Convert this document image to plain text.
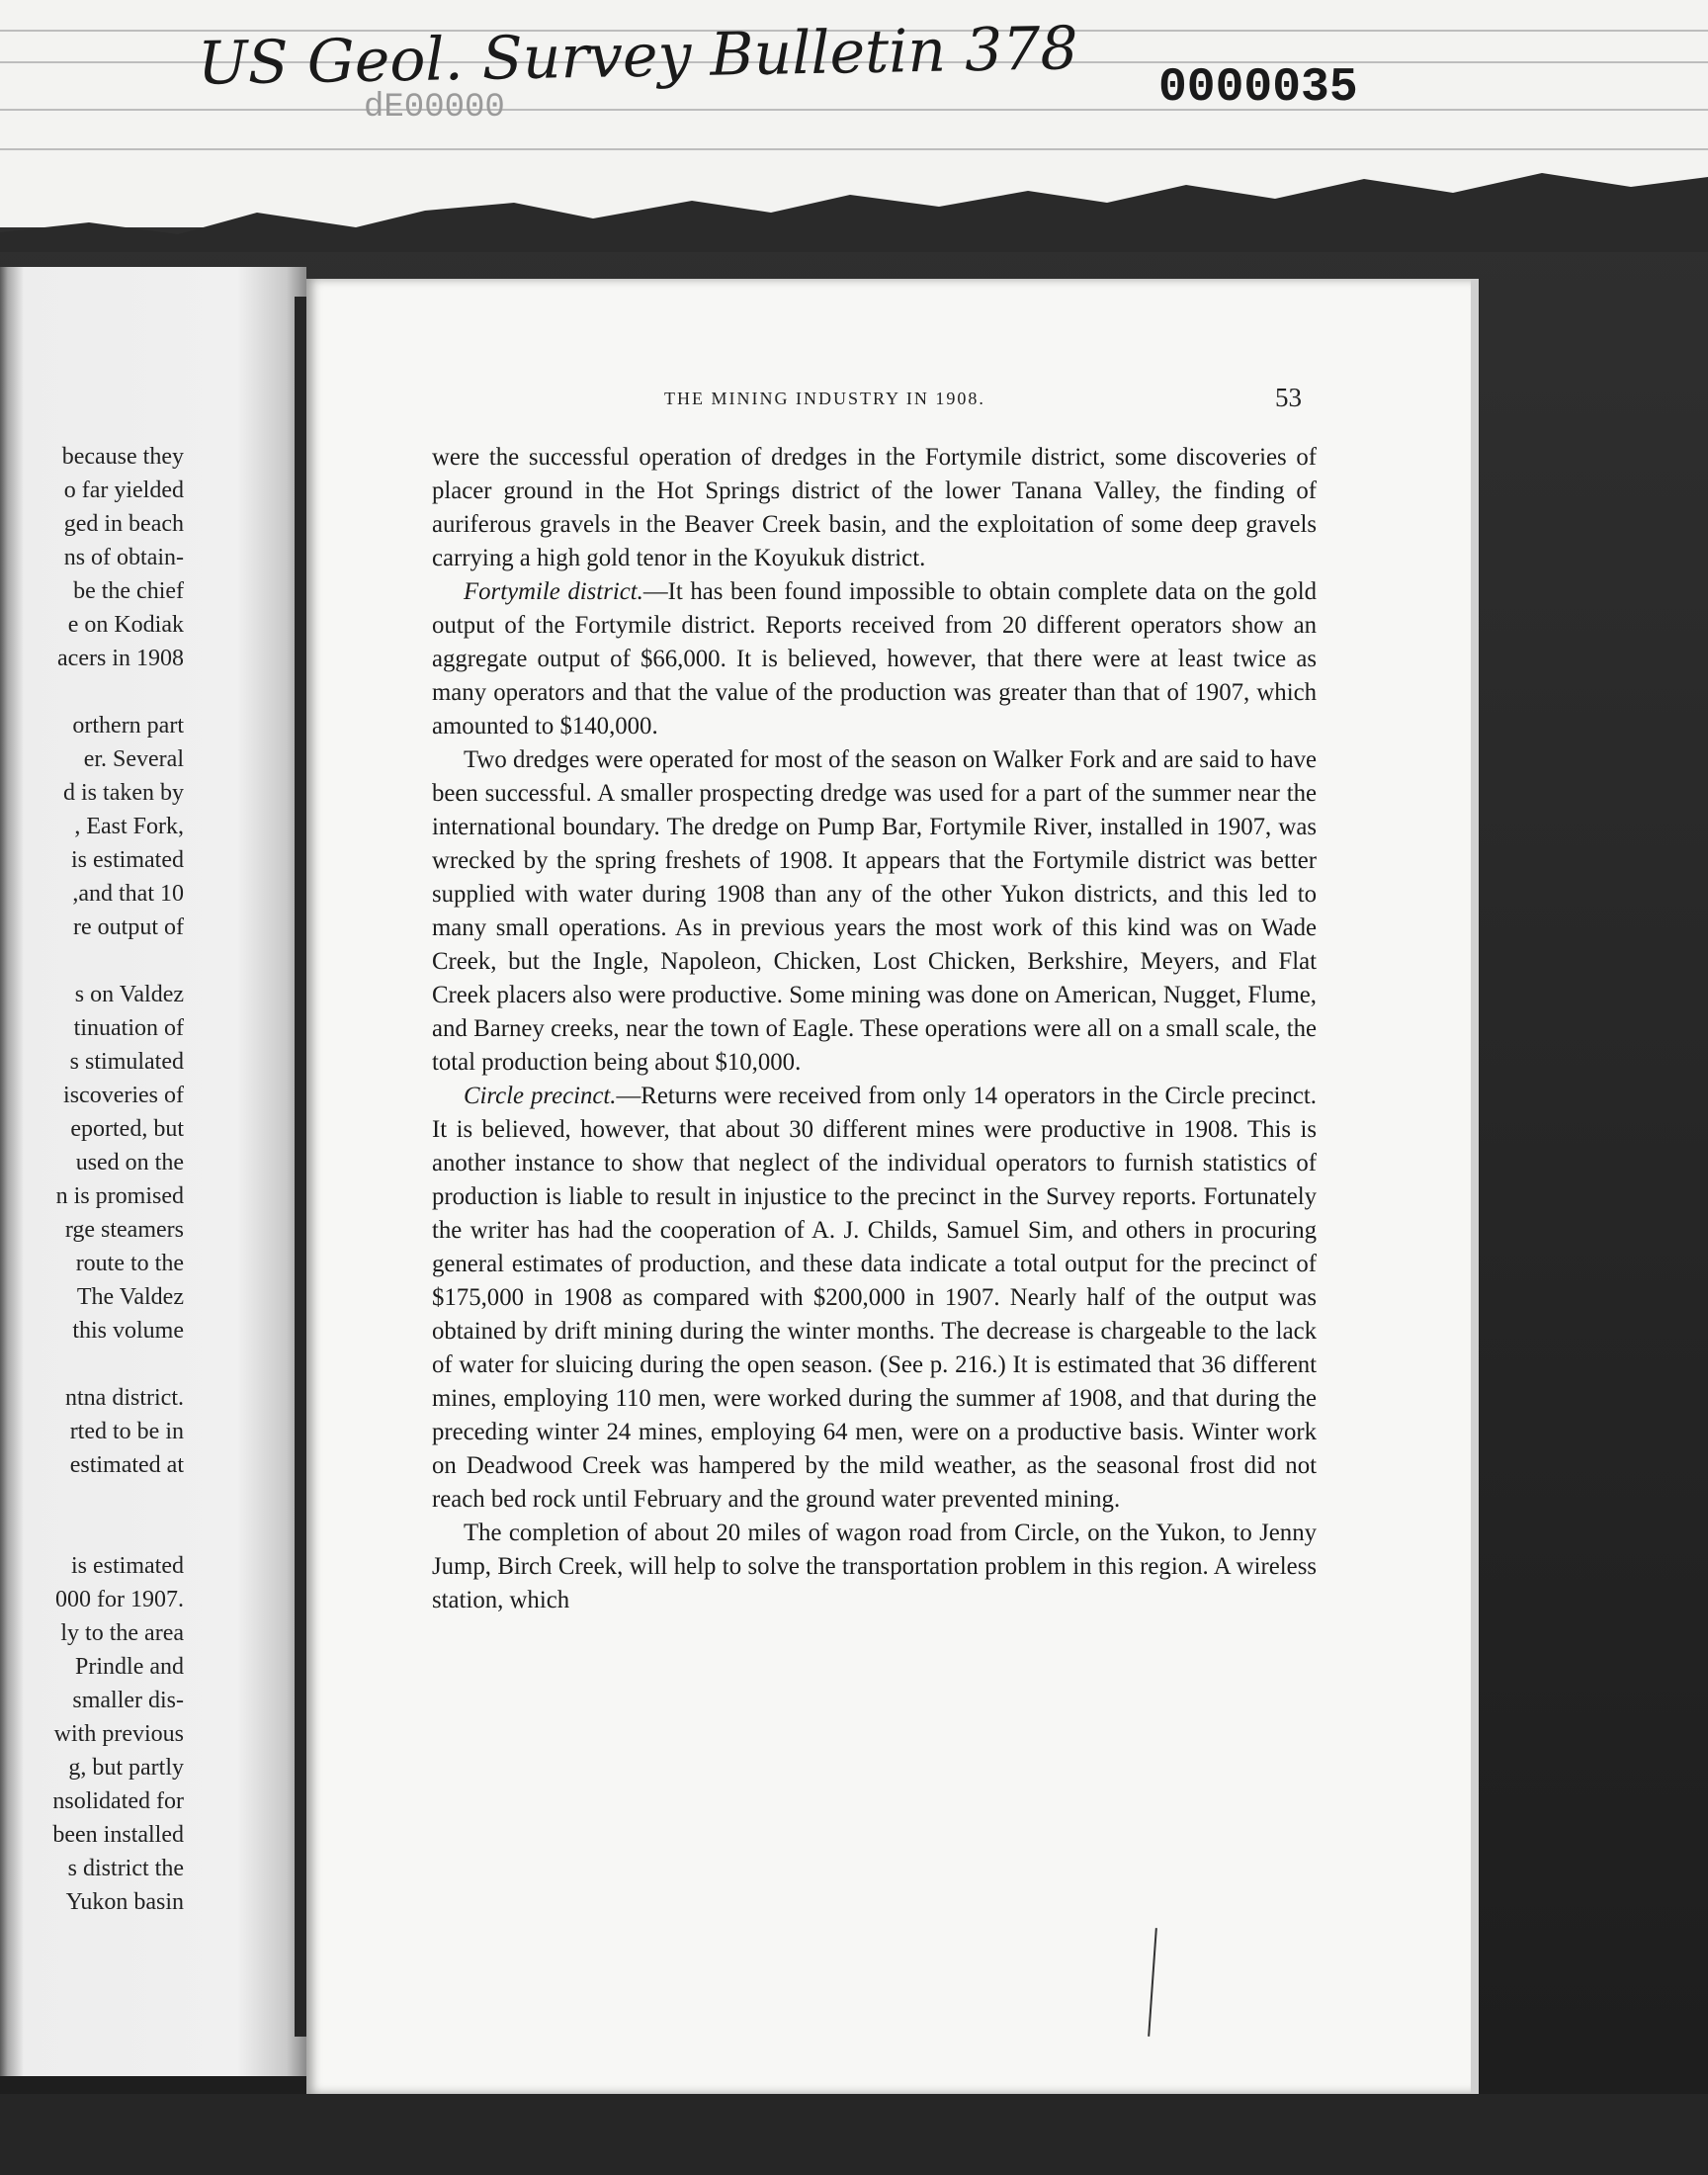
US Geol. Survey Bulletin 378 0000035
dE00000
because they
o far yielded
ged in beach
ns of obtain-
be the chief
e on Kodiak
acers in 1908
orthern part
er. Several
d is taken by
, East Fork,
is estimated
,and that 10
re output of
s on Valdez
tinuation of
s stimulated
iscoveries of
eported, but
used on the
n is promised
rge steamers
route to the
The Valdez
this volume
ntna district.
rted to be in
estimated at
is estimated
000 for 1907.
ly to the area
Prindle and
smaller dis-
with previous
g, but partly
nsolidated for
been installed
s district the
Yukon basin
THE MINING INDUSTRY IN 1908.	53

were the successful operation of dredges in the Fortymile district, some discoveries of placer ground in the Hot Springs district of the lower Tanana Valley, the finding of auriferous gravels in the Beaver Creek basin, and the exploitation of some deep gravels carrying a high gold tenor in the Koyukuk district.

Fortymile district.—It has been found impossible to obtain complete data on the gold output of the Fortymile district. Reports received from 20 different operators show an aggregate output of $66,000. It is believed, however, that there were at least twice as many operators and that the value of the production was greater than that of 1907, which amounted to $140,000.

Two dredges were operated for most of the season on Walker Fork and are said to have been successful. A smaller prospecting dredge was used for a part of the summer near the international boundary. The dredge on Pump Bar, Fortymile River, installed in 1907, was wrecked by the spring freshets of 1908. It appears that the Fortymile district was better supplied with water during 1908 than any of the other Yukon districts, and this led to many small operations. As in previous years the most work of this kind was on Wade Creek, but the Ingle, Napoleon, Chicken, Lost Chicken, Berkshire, Meyers, and Flat Creek placers also were productive. Some mining was done on American, Nugget, Flume, and Barney creeks, near the town of Eagle. These operations were all on a small scale, the total production being about $10,000.

Circle precinct.—Returns were received from only 14 operators in the Circle precinct. It is believed, however, that about 30 different mines were productive in 1908. This is another instance to show that neglect of the individual operators to furnish statistics of production is liable to result in injustice to the precinct in the Survey reports. Fortunately the writer has had the cooperation of A. J. Childs, Samuel Sim, and others in procuring general estimates of production, and these data indicate a total output for the precinct of $175,000 in 1908 as compared with $200,000 in 1907. Nearly half of the output was obtained by drift mining during the winter months. The decrease is chargeable to the lack of water for sluicing during the open season. (See p. 216.) It is estimated that 36 different mines, employing 110 men, were worked during the summer af 1908, and that during the preceding winter 24 mines, employing 64 men, were on a productive basis. Winter work on Deadwood Creek was hampered by the mild weather, as the seasonal frost did not reach bed rock until February and the ground water prevented mining.

The completion of about 20 miles of wagon road from Circle, on the Yukon, to Jenny Jump, Birch Creek, will help to solve the transportation problem in this region. A wireless station, which
